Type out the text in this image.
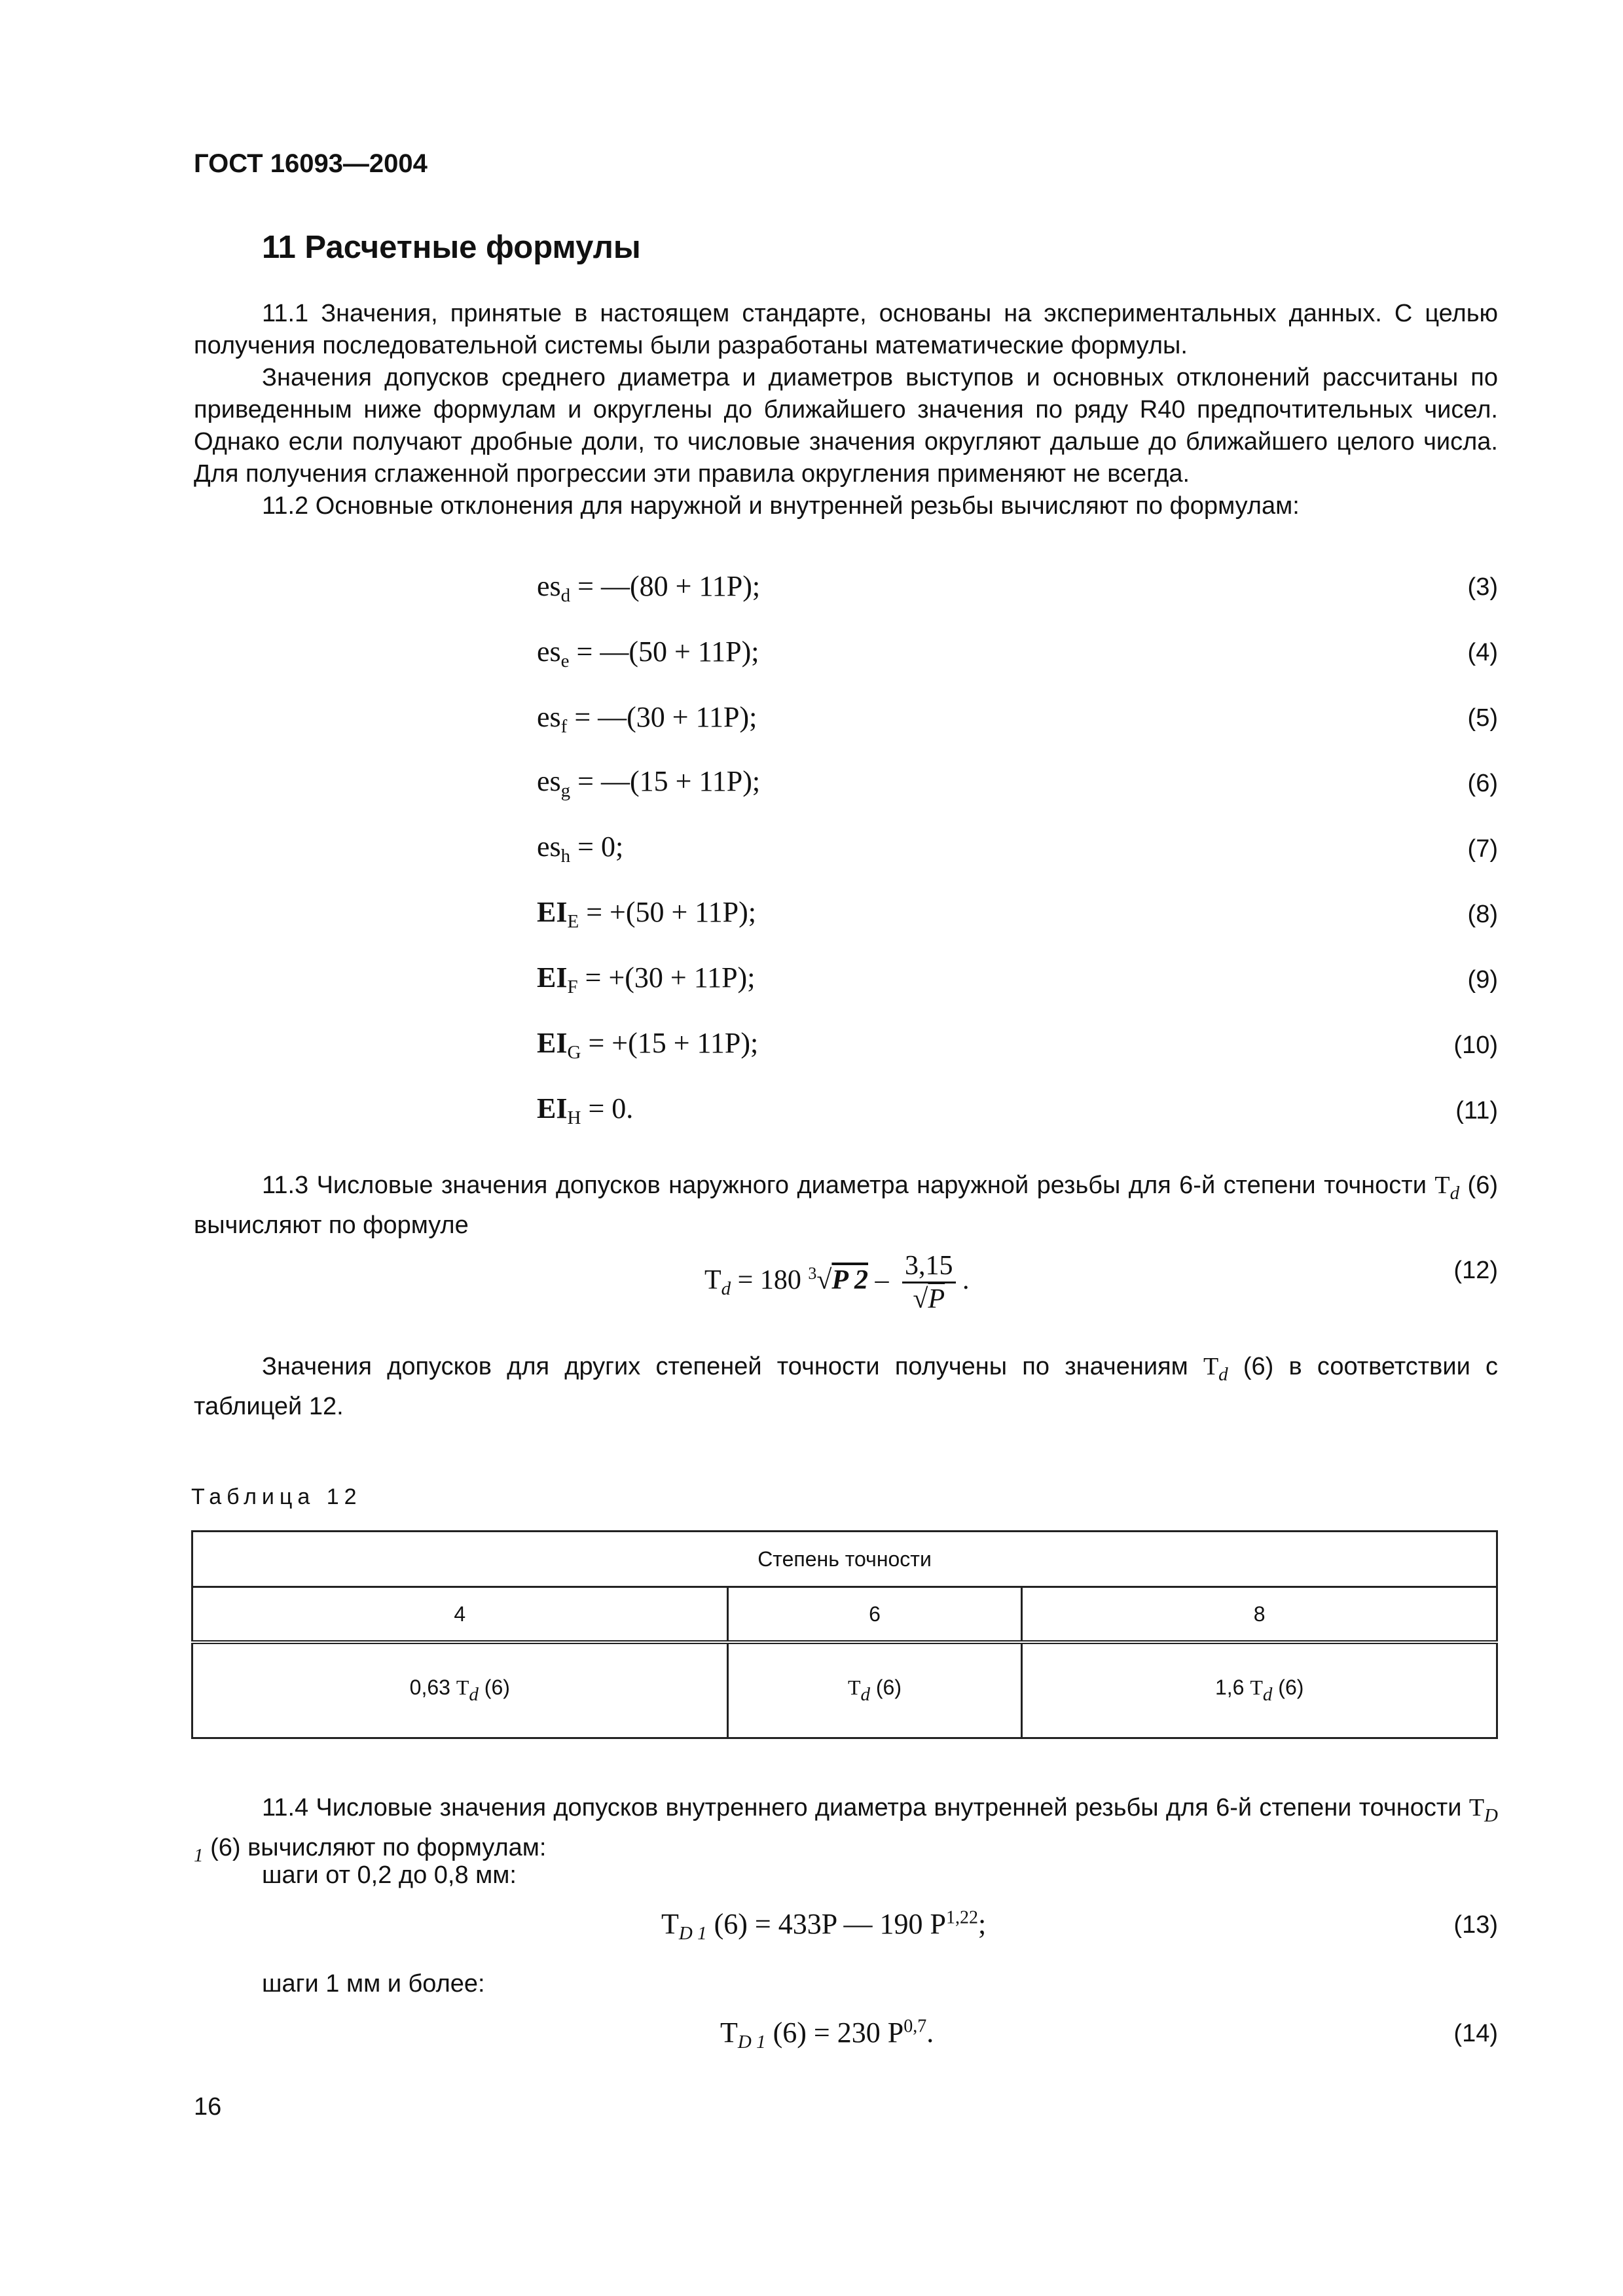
ГОСТ 16093—2004
11 Расчетные формулы

11.1 Значения, принятые в настоящем стандарте, основаны на экспериментальных данных. С целью получения последовательной системы были разработаны математические формулы.

Значения допусков среднего диаметра и диаметров выступов и основных отклонений рассчитаны по приведенным ниже формулам и округлены до ближайшего значения по ряду R40 предпочтительных чисел. Однако если получают дробные доли, то числовые значения округляют дальше до ближайшего целого числа. Для получения сглаженной прогрессии эти правила округления применяют не всегда.

11.2 Основные отклонения для наружной и внутренней резьбы вычисляют по формулам:

$es_d$ = —(80 + 11P);	(3)
$es_e$ = —(50 + 11P);	(4)
$es_f$ = —(30 + 11P);	(5)
$es_g$ = —(15 + 11P);	(6)
$es_h = 0$;	(7)
$EI_E = +(50 + 11P)$;	(8)
$EI_F = +(30 + 11P)$;	(9)
$EI_G = +(15 + 11P)$;	(10)
$EI_H = 0$.	(11)

11.3 Числовые значения допусков наружного диаметра наружной резьбы для 6-й степени точности $T_d$ (6) вычисляют по формуле

$T_d = 180$ $^3$√P $2 - \frac{3,15}{√P}$ .	(12)

Значения допусков для других степеней точности получены по значениям $T_d$ (6) в соответствии с таблицей 12.

Таблица 12
Степень точности		
4	6	8
0,63 Td (6)	Td (6)	1,6 Td (6)

11.4 Числовые значения допусков внутреннего диаметра внутренней резьбы для 6-й степени точности $T_{D 1}$ (6) вычисляют по формулам:

шаги от 0,2 до 0,8 мм:
$T_{D 1}$ (6) = 433P — 190 P$^{1,22}$;	(13)
шаги 1 мм и более:
$T_{D 1}$ (6) = 230 P$^{0,7}$.	(14)
16
